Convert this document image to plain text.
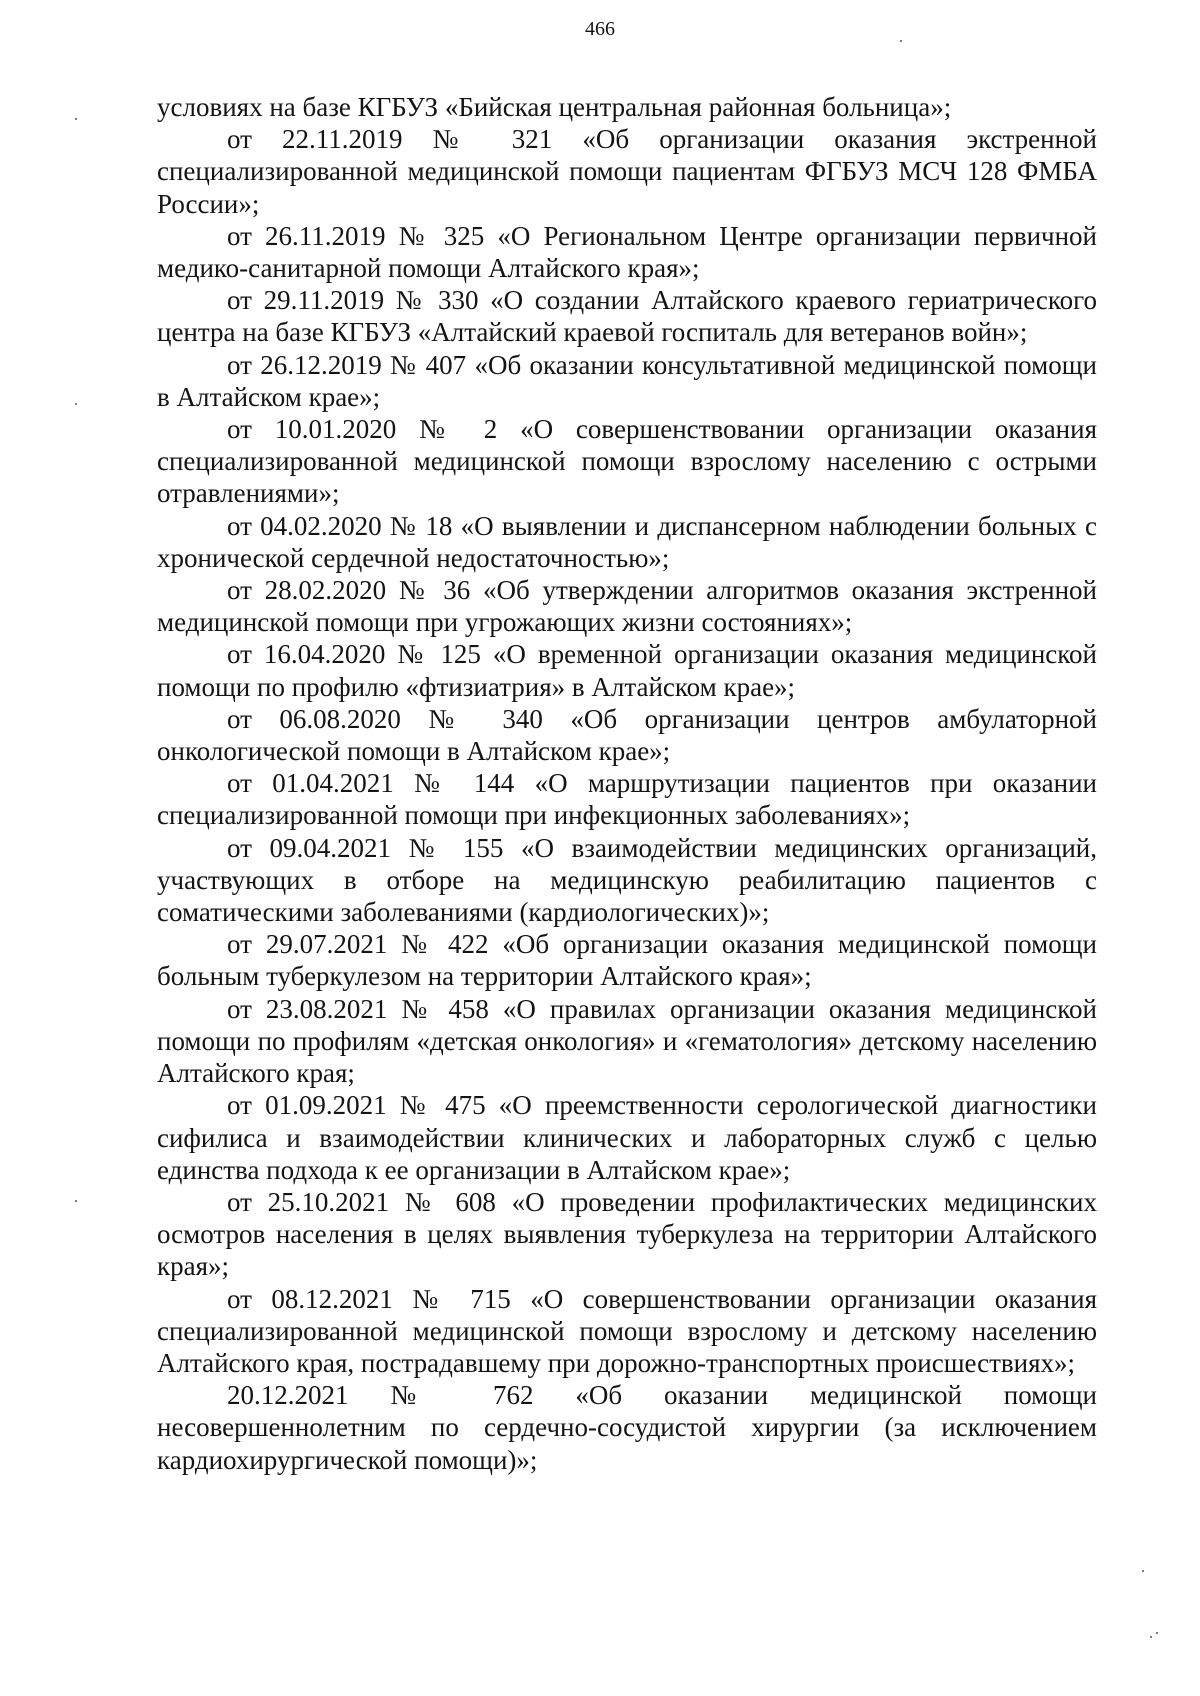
466

условиях на базе КГБУЗ «Бийская центральная районная больница»;

от 22.11.2019 № 321 «Об организации оказания экстренной специализированной медицинской помощи пациентам ФГБУЗ МСЧ 128 ФМБА России»;

от 26.11.2019 № 325 «О Региональном Центре организации первичной медико-санитарной помощи Алтайского края»;

от 29.11.2019 № 330 «О создании Алтайского краевого гериатрического центра на базе КГБУЗ «Алтайский краевой госпиталь для ветеранов войн»;

от 26.12.2019 № 407 «Об оказании консультативной медицинской помощи в Алтайском крае»;

от 10.01.2020 № 2 «О совершенствовании организации оказания специализированной медицинской помощи взрослому населению с острыми отравлениями»;

от 04.02.2020 № 18 «О выявлении и диспансерном наблюдении больных с хронической сердечной недостаточностью»;

от 28.02.2020 № 36 «Об утверждении алгоритмов оказания экстренной медицинской помощи при угрожающих жизни состояниях»;

от 16.04.2020 № 125 «О временной организации оказания медицинской помощи по профилю «фтизиатрия» в Алтайском крае»;

от 06.08.2020 № 340 «Об организации центров амбулаторной онкологической помощи в Алтайском крае»;

от 01.04.2021 № 144 «О маршрутизации пациентов при оказании специализированной помощи при инфекционных заболеваниях»;

от 09.04.2021 № 155 «О взаимодействии медицинских организаций, участвующих в отборе на медицинскую реабилитацию пациентов с соматическими заболеваниями (кардиологических)»;

от 29.07.2021 № 422 «Об организации оказания медицинской помощи больным туберкулезом на территории Алтайского края»;

от 23.08.2021 № 458 «О правилах организации оказания медицинской помощи по профилям «детская онкология» и «гематология» детскому населению Алтайского края;

от 01.09.2021 № 475 «О преемственности серологической диагностики сифилиса и взаимодействии клинических и лабораторных служб с целью единства подхода к ее организации в Алтайском крае»;

от 25.10.2021 № 608 «О проведении профилактических медицинских осмотров населения в целях выявления туберкулеза на территории Алтайского края»;

от 08.12.2021 № 715 «О совершенствовании организации оказания специализированной медицинской помощи взрослому и детскому населению Алтайского края, пострадавшему при дорожно-транспортных происшествиях»;

20.12.2021 № 762 «Об оказании медицинской помощи несовершеннолетним по сердечно-сосудистой хирургии (за исключением кардиохирургической помощи)»;
